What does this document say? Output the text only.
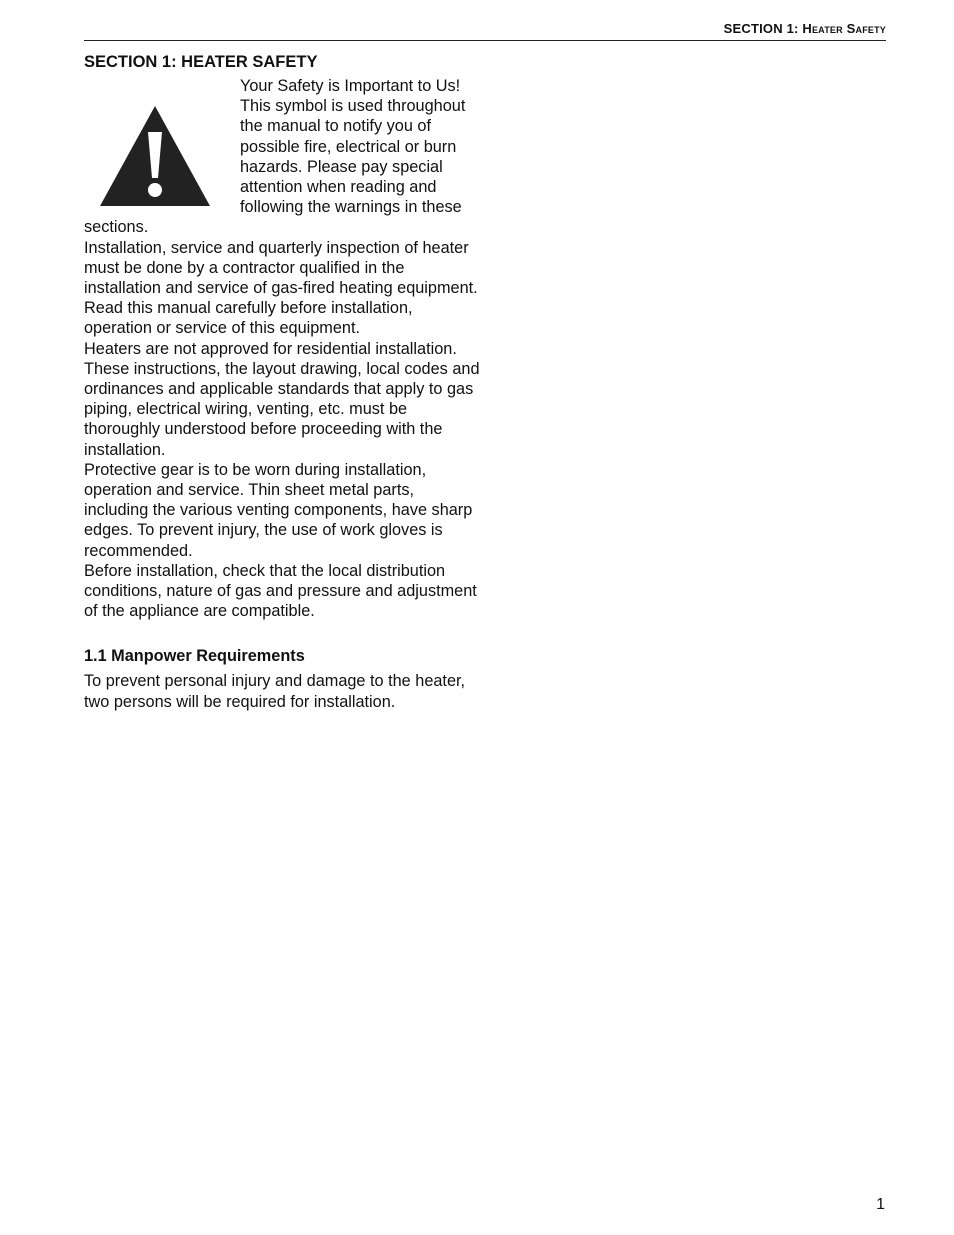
SECTION 1: Heater Safety
SECTION 1: HEATER SAFETY

Your Safety is Important to Us!

This symbol is used throughout the manual to notify you of possible fire, electrical or burn hazards. Please pay special attention when reading and following the warnings in these sections.

Installation, service and quarterly inspection of heater must be done by a contractor qualified in the installation and service of gas-fired heating equipment.

Read this manual carefully before installation, operation or service of this equipment.

Heaters are not approved for residential installation. These instructions, the layout drawing, local codes and ordinances and applicable standards that apply to gas piping, electrical wiring, venting, etc. must be thoroughly understood before proceeding with the installation.

Protective gear is to be worn during installation, operation and service. Thin sheet metal parts, including the various venting components, have sharp edges. To prevent injury, the use of work gloves is recommended.

Before installation, check that the local distribution conditions, nature of gas and pressure and adjustment of the appliance are compatible.

1.1 Manpower Requirements

To prevent personal injury and damage to the heater, two persons will be required for installation.

1
